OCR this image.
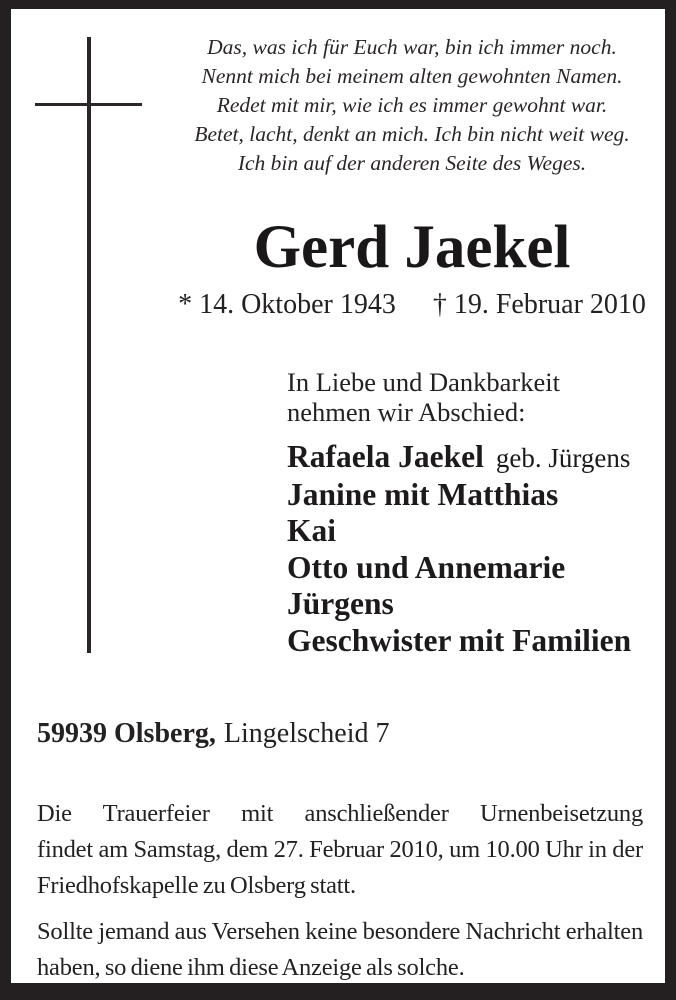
Das, was ich für Euch war, bin ich immer noch.
Nennt mich bei meinem alten gewohnten Namen.
Redet mit mir, wie ich es immer gewohnt war.
Betet, lacht, denkt an mich. Ich bin nicht weit weg.
Ich bin auf der anderen Seite des Weges.
Gerd Jaekel
* 14. Oktober 1943 † 19. Februar 2010
In Liebe und Dankbarkeit
nehmen wir Abschied:
Rafaela Jaekel geb. Jürgens
Janine mit Matthias
Kai
Otto und Annemarie
Jürgens
Geschwister mit Familien
59939 Olsberg, Lingelscheid 7
Die Trauerfeier mit anschließender Urnenbeisetzung
findet am Samstag, dem 27. Februar 2010, um 10.00 Uhr in der
Friedhofskapelle zu Olsberg statt.
Sollte jemand aus Versehen keine besondere Nachricht erhalten
haben, so diene ihm diese Anzeige als solche.
